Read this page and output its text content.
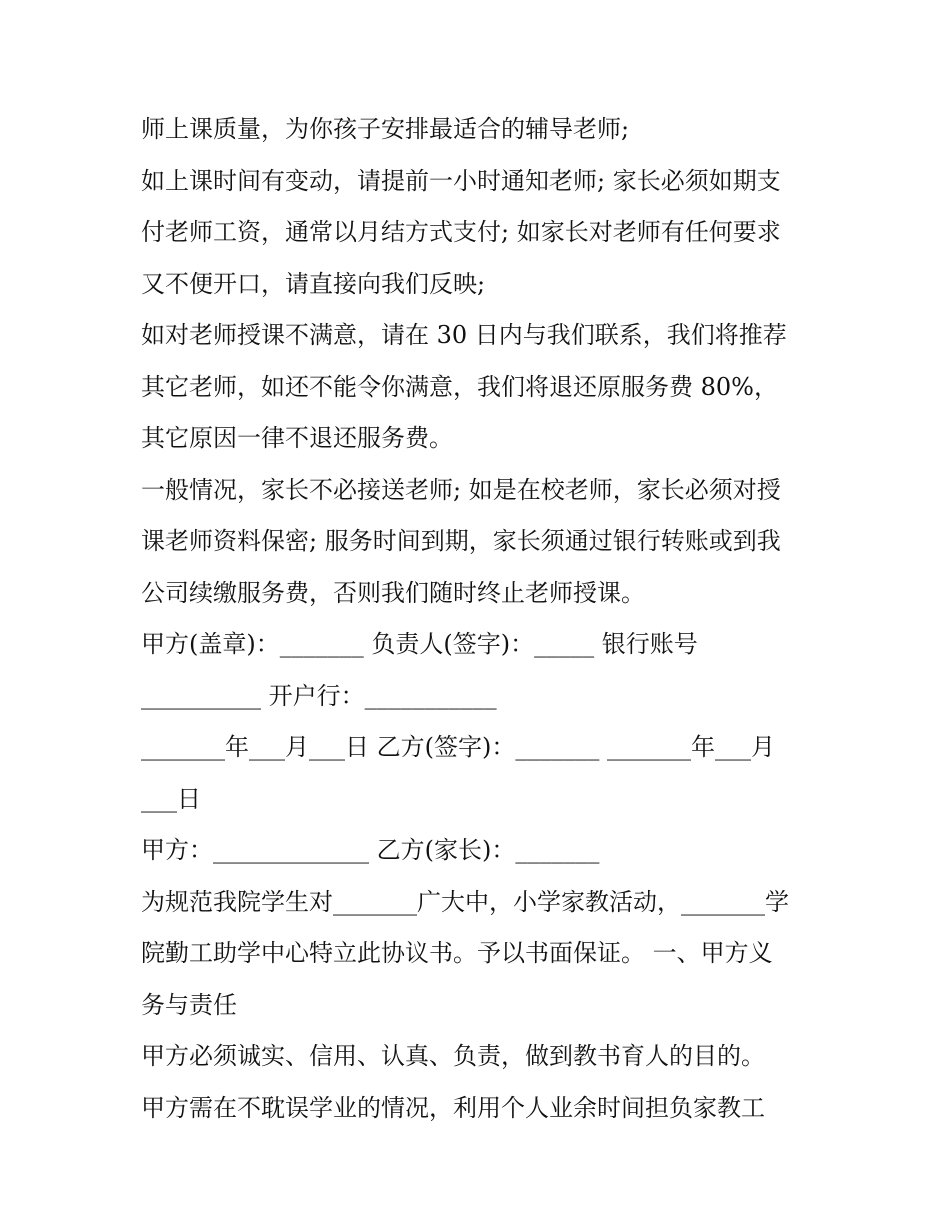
师上课质量，为你孩子安排最适合的辅导老师;
如上课时间有变动，请提前一小时通知老师; 家长必须如期支
付老师工资，通常以月结方式支付; 如家长对老师有任何要求
又不便开口，请直接向我们反映;
如对老师授课不满意，请在 30 日内与我们联系，我们将推荐
其它老师，如还不能令你满意，我们将退还原服务费 80%，
其它原因一律不退还服务费。
一般情况，家长不必接送老师; 如是在校老师，家长必须对授
课老师资料保密; 服务时间到期，家长须通过银行转账或到我
公司续缴服务费，否则我们随时终止老师授课。
甲方(盖章)：_______ 负责人(签字)：_____ 银行账号
__________ 开户行：___________
_______年___月___日 乙方(签字)：_______ _______年___月
___日
甲方：_____________ 乙方(家长)：_______
为规范我院学生对_______广大中，小学家教活动，_______学
院勤工助学中心特立此协议书。予以书面保证。 一、甲方义
务与责任
甲方必须诚实、信用、认真、负责，做到教书育人的目的。
甲方需在不耽误学业的情况，利用个人业余时间担负家教工
